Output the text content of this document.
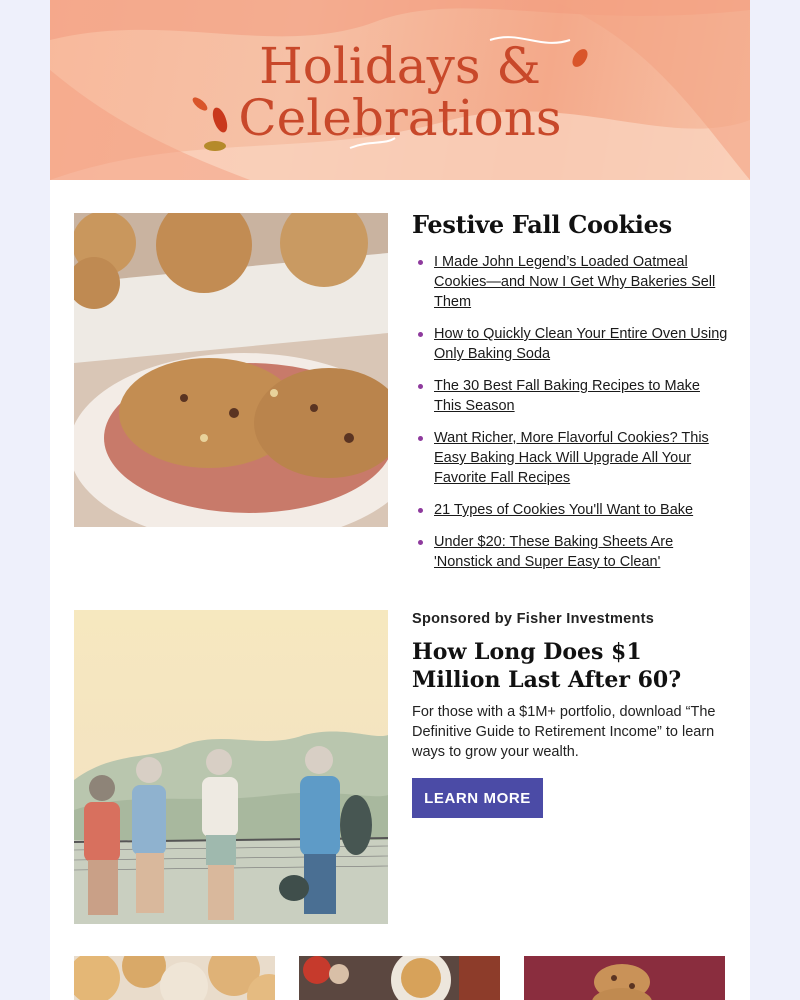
Holidays &
Celebrations
Festive Fall Cookies
I Made John Legend’s Loaded Oatmeal Cookies—and Now I Get Why Bakeries Sell Them
How to Quickly Clean Your Entire Oven Using Only Baking Soda
The 30 Best Fall Baking Recipes to Make This Season
Want Richer, More Flavorful Cookies? This Easy Baking Hack Will Upgrade All Your Favorite Fall Recipes
21 Types of Cookies You'll Want to Bake
Under $20: These Baking Sheets Are 'Nonstick and Super Easy to Clean'
Sponsored by Fisher Investments
How Long Does $1 Million Last After 60?
For those with a $1M+ portfolio, download “The Definitive Guide to Retirement Income” to learn ways to grow your wealth.
LEARN MORE
